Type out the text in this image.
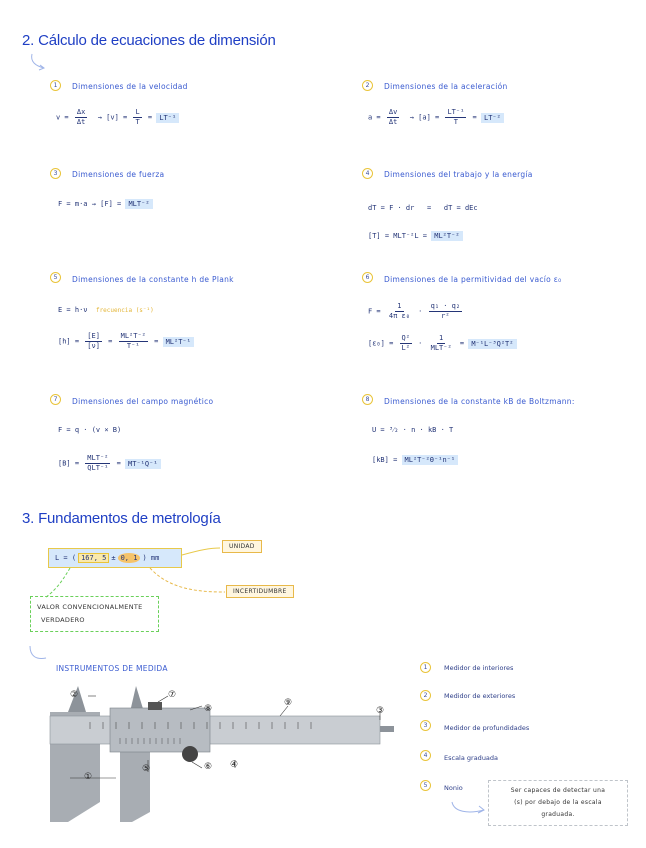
2. Cálculo de ecuaciones de dimensión
1	Dimensiones de la velocidad
$v = \frac{\Delta x}{\Delta t} \to [v] = \frac{L}{T} = LT^{-1}$
2	Dimensiones de la aceleración
$a = \frac{\Delta v}{\Delta t} \to [a] = \frac{\text{LT⁻¹}}{T} = LT^{-2}$
3	Dimensiones de fuerza
F = m·a → [F] = MLT⁻²
4	Dimensiones del trabajo y la energía
dT = F · dr   =   dT = dEc
[T] = MLT⁻²L = ML²T⁻²
5	Dimensiones de la constante h de Plank
E = h·ν frecuencia (s⁻¹)
$[h] = \frac{[E]}{[\nu]} = \frac{\text{ML²T⁻²}}{\text{T⁻¹}} = ML^2T^{-1}$
6	Dimensiones de la permitividad del vacío ε₀
$F = \frac{1}{\text{4π ε₀}} \cdot \frac{\text{q₁ · q₂}}{\text{r²}}$
$[\varepsilon_0] = \frac{\text{Q²}}{\text{L²}} \cdot \frac{1}{\text{MLT⁻²}} = M^{-1}L^{-3}Q^2T^2$
7	Dimensiones del campo magnético
F = q · (v × B)
$[B] = \frac{\text{MLT⁻²}}{\text{QLT⁻¹}} = MT^{-1}Q^{-1}$
8	Dimensiones de la constante kB de Boltzmann:
U = ³⁄₂ · n · kB · T
[kB] = ML²T⁻²Θ⁻¹n⁻¹
3. Fundamentos de metrología
L = ( 167, 5 ± 0, 1 ) mm
UNIDAD
INCERTIDUMBRE
VALOR CONVENCIONALMENTE
VERDADERO
INSTRUMENTOS DE MEDIDA
①
②
③
④
⑤	⑥
⑦
⑧
⑨
1	Medidor de interiores
2	Medidor de exteriores
3	Medidor de profundidades
4	Escala graduada
5	Nonio	Ser capaces de detectar una
(s) por debajo de la escala
graduada.
